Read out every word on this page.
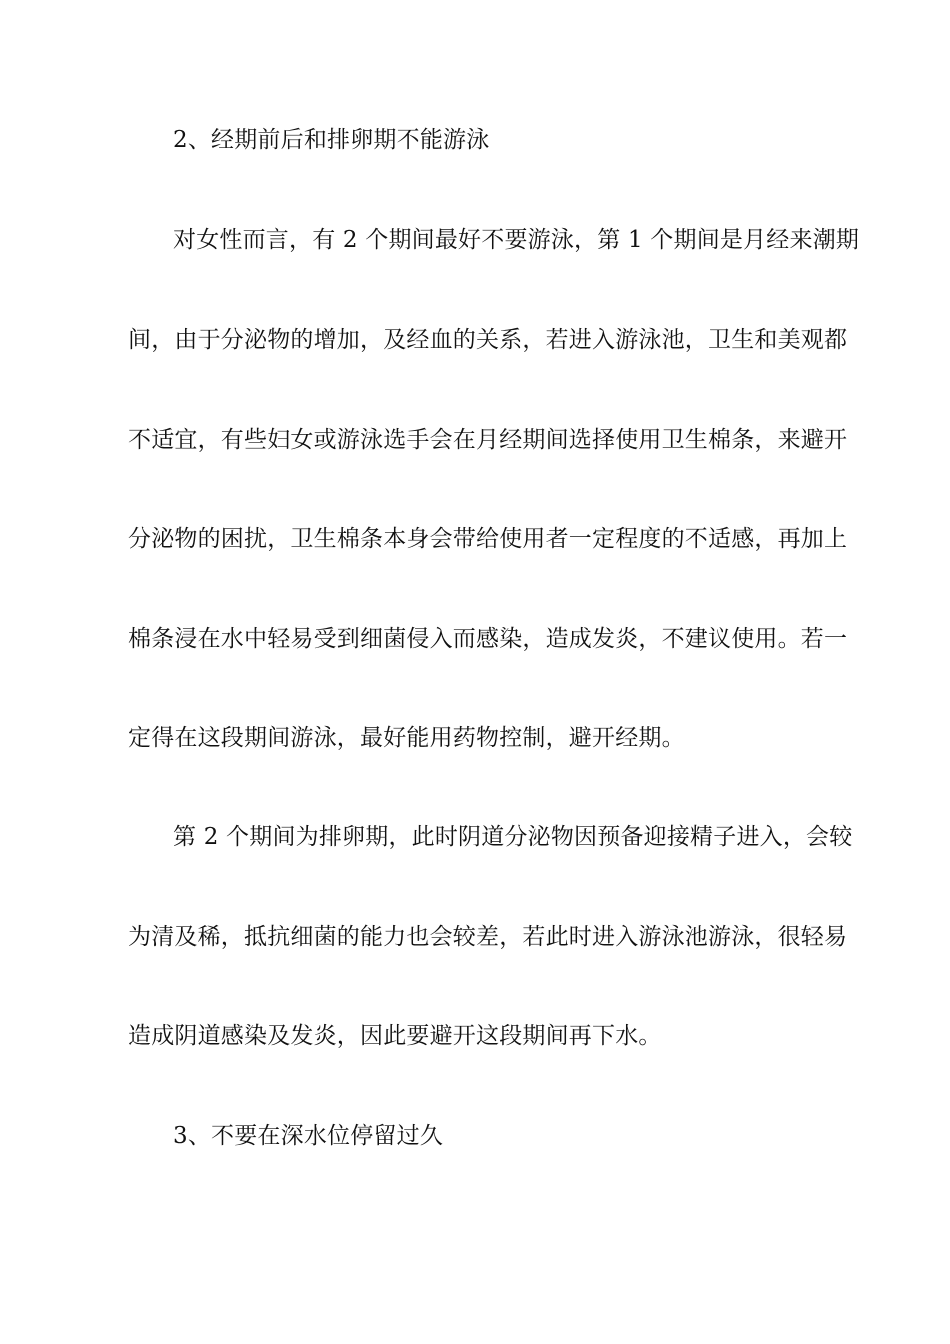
2、经期前后和排卵期不能游泳
对女性而言，有 2 个期间最好不要游泳，第 1 个期间是月经来潮期
间，由于分泌物的增加，及经血的关系，若进入游泳池，卫生和美观都
不适宜，有些妇女或游泳选手会在月经期间选择使用卫生棉条，来避开
分泌物的困扰，卫生棉条本身会带给使用者一定程度的不适感，再加上
棉条浸在水中轻易受到细菌侵入而感染，造成发炎，不建议使用。若一
定得在这段期间游泳，最好能用药物控制，避开经期。
第 2 个期间为排卵期，此时阴道分泌物因预备迎接精子进入，会较
为清及稀，抵抗细菌的能力也会较差，若此时进入游泳池游泳，很轻易
造成阴道感染及发炎，因此要避开这段期间再下水。
3、不要在深水位停留过久
